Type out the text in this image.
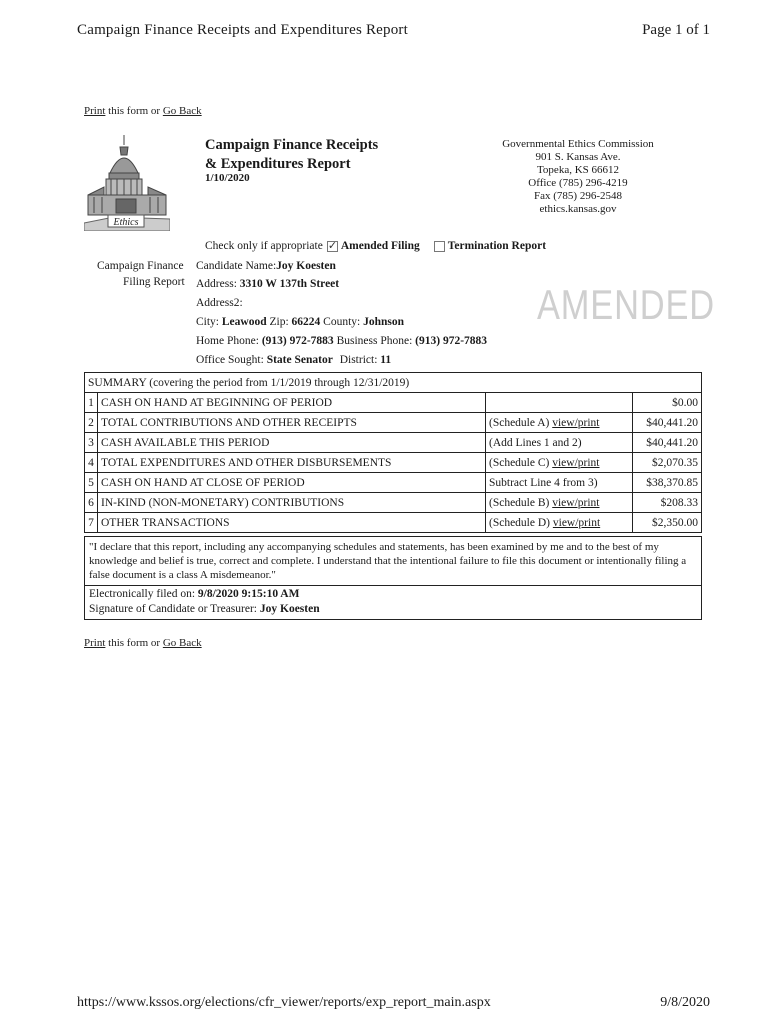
Campaign Finance Receipts and Expenditures Report	Page 1 of 1
Print this form or Go Back
Ethics
Campaign Finance Receipts
& Expenditures Report
1/10/2020
Governmental Ethics Commission
901 S. Kansas Ave.
Topeka, KS 66612
Office (785) 296-4219
Fax (785) 296-2548
ethics.kansas.gov
Check only if appropriate ✓ Amended Filing Termination Report
Campaign Finance
Filing Report
Candidate Name:Joy Koesten
Address: 3310 W 137th Street
Address2:
City: Leawood Zip: 66224 County: Johnson
Home Phone: (913) 972-7883 Business Phone: (913) 972-7883
Office Sought: State Senator District: 11
AMENDED
SUMMARY (covering the period from 1/1/2019 through 12/31/2019)			
1	CASH ON HAND AT BEGINNING OF PERIOD		$0.00
2	TOTAL CONTRIBUTIONS AND OTHER RECEIPTS	(Schedule A) view/print	$40,441.20
3	CASH AVAILABLE THIS PERIOD	(Add Lines 1 and 2)	$40,441.20
4	TOTAL EXPENDITURES AND OTHER DISBURSEMENTS	(Schedule C) view/print	$2,070.35
5	CASH ON HAND AT CLOSE OF PERIOD	Subtract Line 4 from 3)	$38,370.85
6	IN-KIND (NON-MONETARY) CONTRIBUTIONS	(Schedule B) view/print	$208.33
7	OTHER TRANSACTIONS	(Schedule D) view/print	$2,350.00
"I declare that this report, including any accompanying schedules and statements, has been examined by me and to the best of my knowledge and belief is true, correct and complete. I understand that the intentional failure to file this document or intentionally filing a false document is a class A misdemeanor."
Electronically filed on: 9/8/2020 9:15:10 AM
Signature of Candidate or Treasurer: Joy Koesten
Print this form or Go Back
https://www.kssos.org/elections/cfr_viewer/reports/exp_report_main.aspx	9/8/2020
